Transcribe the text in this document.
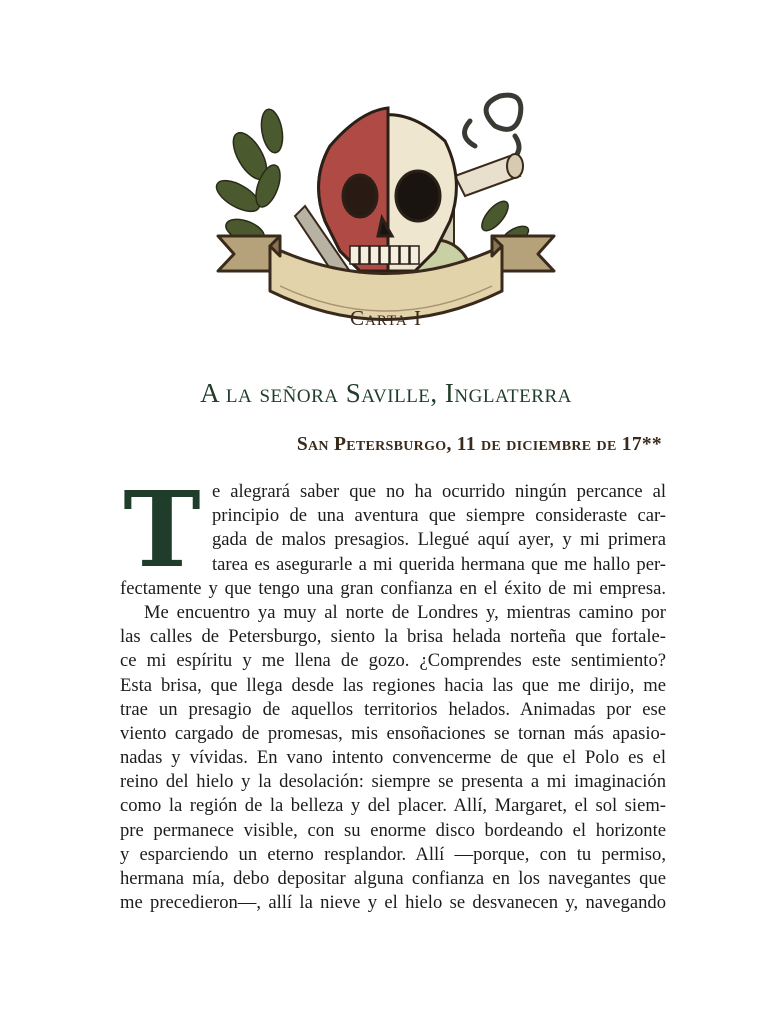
Carta I
A la señora Saville, Inglaterra
San Petersburgo, 11 de diciembre de 17**
T e alegrará saber que no ha ocurrido ningún percance al
principio de una aventura que siempre consideraste car-
gada de malos presagios. Llegué aquí ayer, y mi primera
tarea es asegurarle a mi querida hermana que me hallo per-
fectamente y que tengo una gran confianza en el éxito de mi empresa.
Me encuentro ya muy al norte de Londres y, mientras camino por
las calles de Petersburgo, siento la brisa helada norteña que fortale-
ce mi espíritu y me llena de gozo. ¿Comprendes este sentimiento?
Esta brisa, que llega desde las regiones hacia las que me dirijo, me
trae un presagio de aquellos territorios helados. Animadas por ese
viento cargado de promesas, mis ensoñaciones se tornan más apasio-
nadas y vívidas. En vano intento convencerme de que el Polo es el
reino del hielo y la desolación: siempre se presenta a mi imaginación
como la región de la belleza y del placer. Allí, Margaret, el sol siem-
pre permanece visible, con su enorme disco bordeando el horizonte
y esparciendo un eterno resplandor. Allí —porque, con tu permiso,
hermana mía, debo depositar alguna confianza en los navegantes que
me precedieron—, allí la nieve y el hielo se desvanecen y, navegando
